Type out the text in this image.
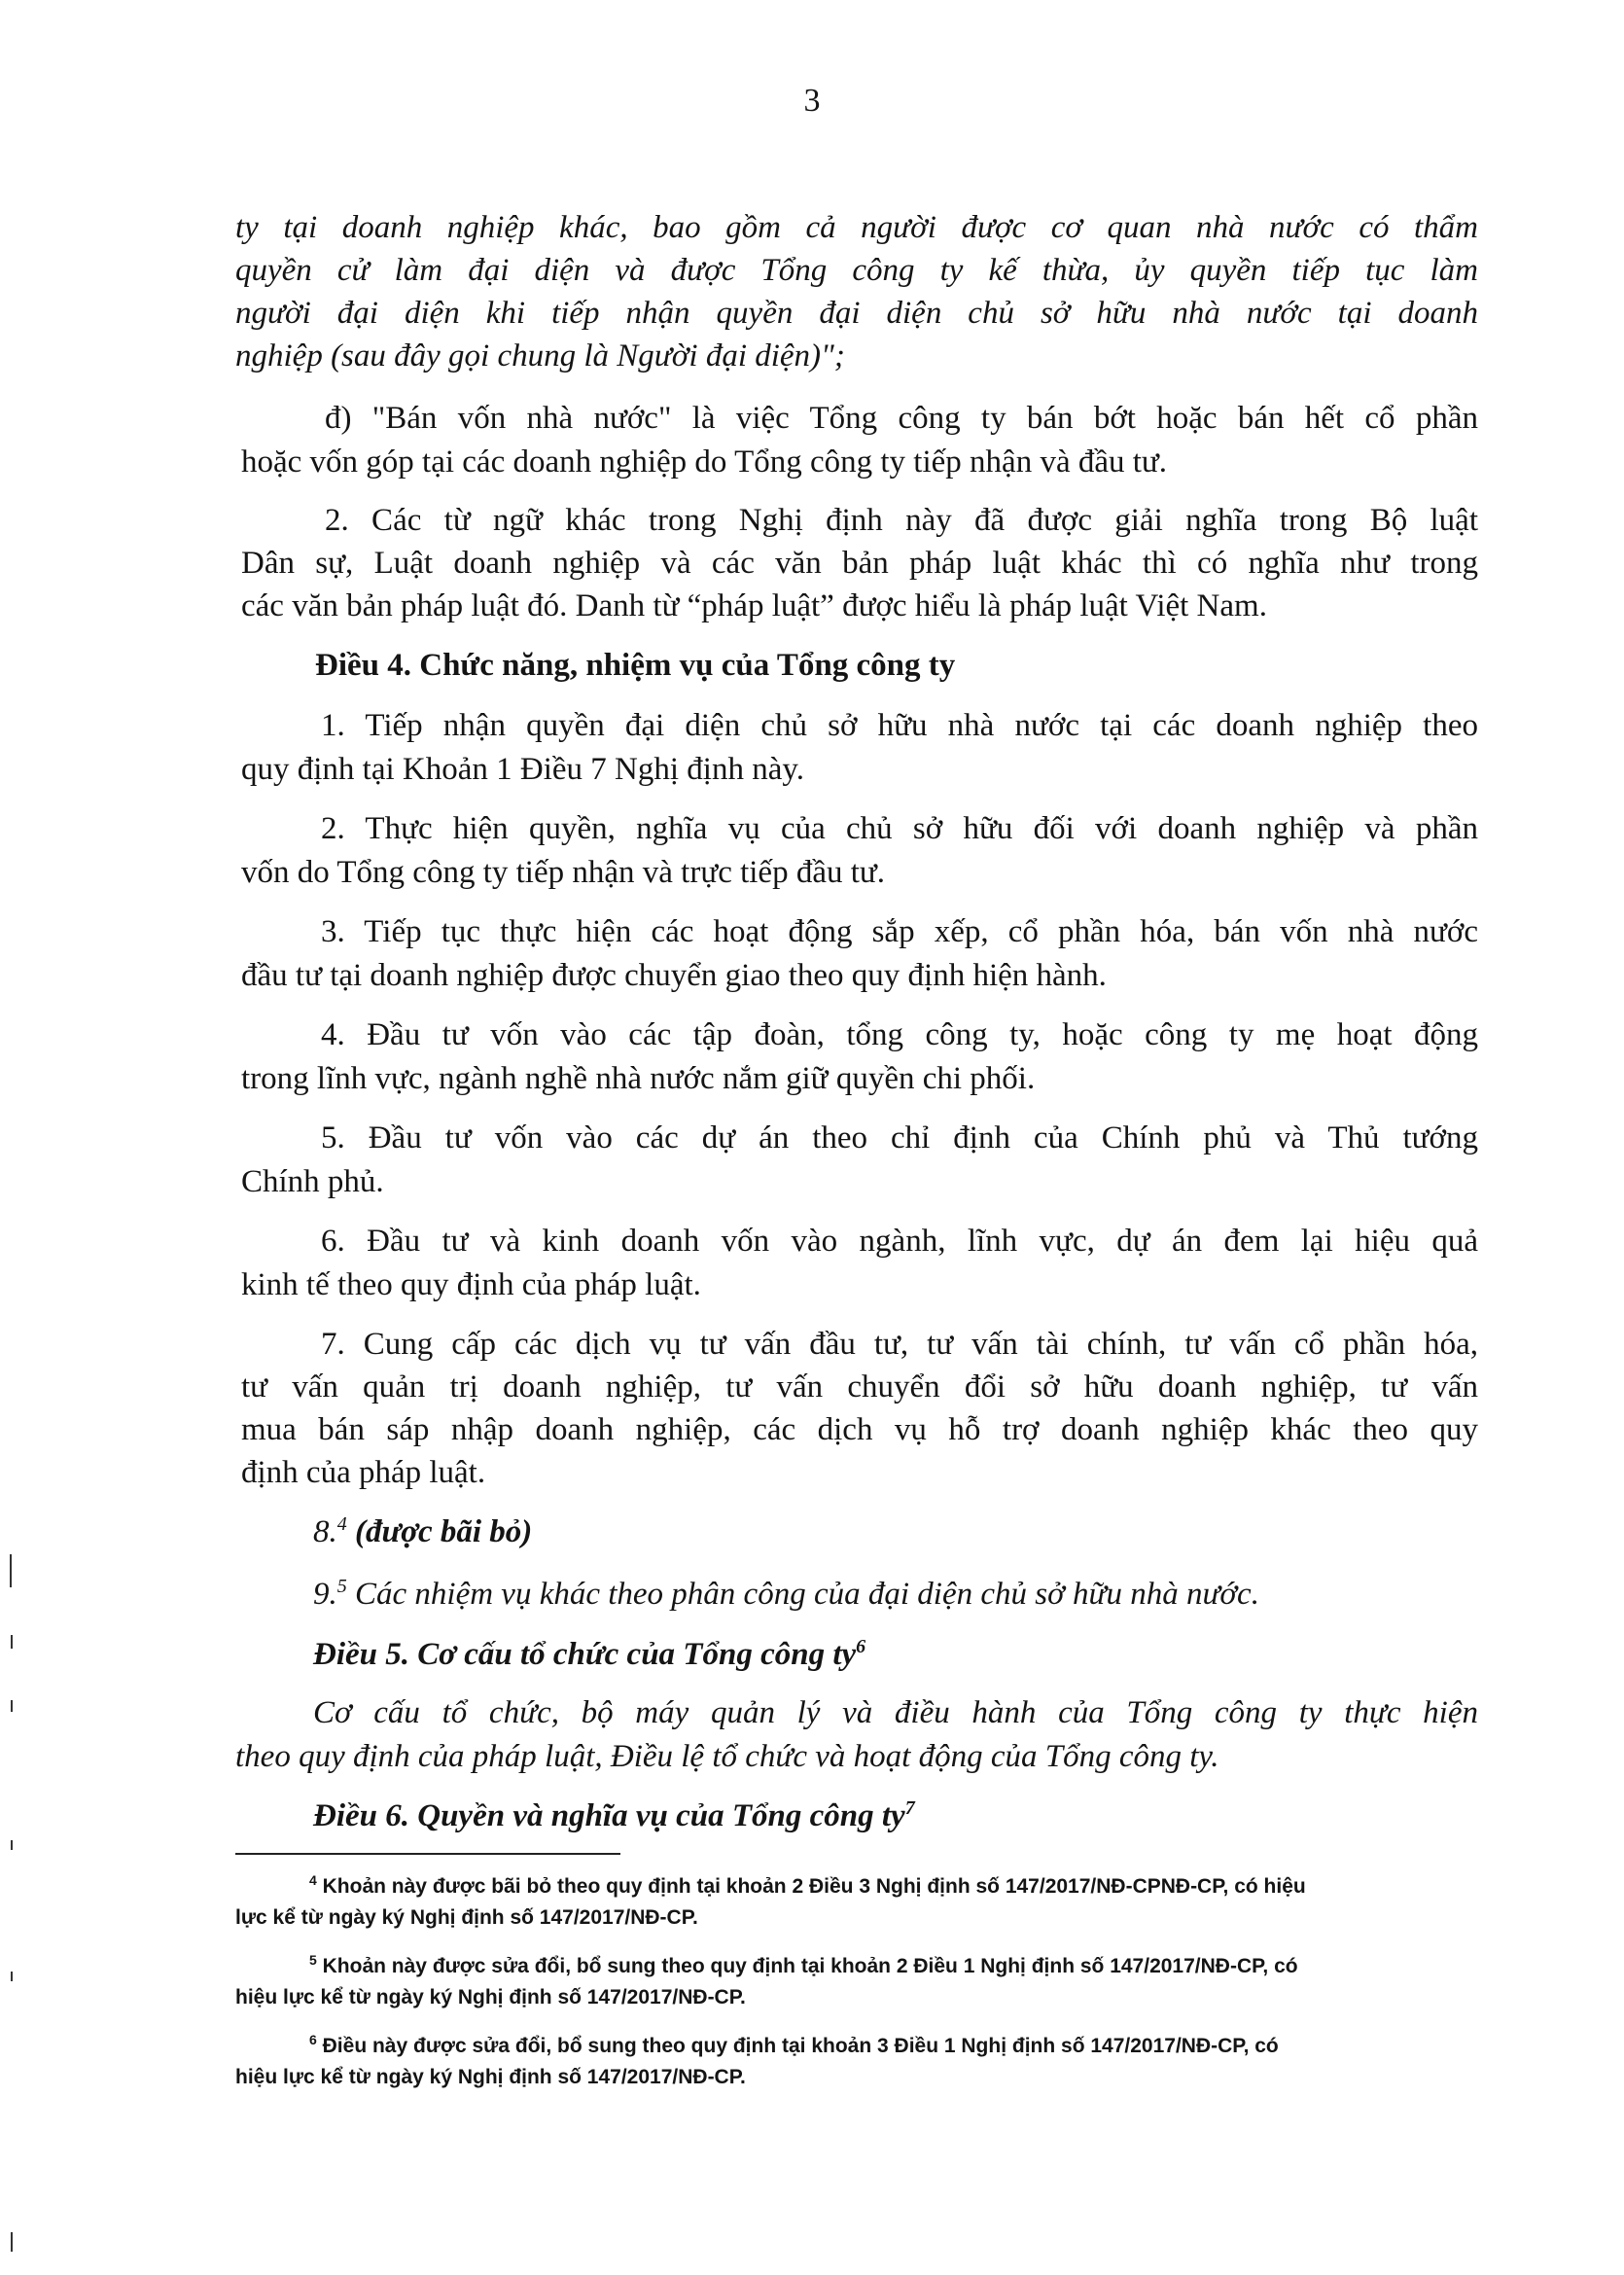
3
ty tại doanh nghiệp khác, bao gồm cả người được cơ quan nhà nước có thẩm
quyền cử làm đại diện và được Tổng công ty kế thừa, ủy quyền tiếp tục làm
người đại diện khi tiếp nhận quyền đại diện chủ sở hữu nhà nước tại doanh
nghiệp (sau đây gọi chung là Người đại diện)";
đ) "Bán vốn nhà nước" là việc Tổng công ty bán bớt hoặc bán hết cổ phần
hoặc vốn góp tại các doanh nghiệp do Tổng công ty tiếp nhận và đầu tư.
2. Các từ ngữ khác trong Nghị định này đã được giải nghĩa trong Bộ luật
Dân sự, Luật doanh nghiệp và các văn bản pháp luật khác thì có nghĩa như trong
các văn bản pháp luật đó. Danh từ “pháp luật” được hiểu là pháp luật Việt Nam.
Điều 4. Chức năng, nhiệm vụ của Tổng công ty
1. Tiếp nhận quyền đại diện chủ sở hữu nhà nước tại các doanh nghiệp theo
quy định tại Khoản 1 Điều 7 Nghị định này.
2. Thực hiện quyền, nghĩa vụ của chủ sở hữu đối với doanh nghiệp và phần
vốn do Tổng công ty tiếp nhận và trực tiếp đầu tư.
3. Tiếp tục thực hiện các hoạt động sắp xếp, cổ phần hóa, bán vốn nhà nước
đầu tư tại doanh nghiệp được chuyển giao theo quy định hiện hành.
4. Đầu tư vốn vào các tập đoàn, tổng công ty, hoặc công ty mẹ hoạt động
trong lĩnh vực, ngành nghề nhà nước nắm giữ quyền chi phối.
5. Đầu tư vốn vào các dự án theo chỉ định của Chính phủ và Thủ tướng
Chính phủ.
6. Đầu tư và kinh doanh vốn vào ngành, lĩnh vực, dự án đem lại hiệu quả
kinh tế theo quy định của pháp luật.
7. Cung cấp các dịch vụ tư vấn đầu tư, tư vấn tài chính, tư vấn cổ phần hóa,
tư vấn quản trị doanh nghiệp, tư vấn chuyển đổi sở hữu doanh nghiệp, tư vấn
mua bán sáp nhập doanh nghiệp, các dịch vụ hỗ trợ doanh nghiệp khác theo quy
định của pháp luật.
8.$^4$ (được bãi bỏ)
9.$^5$ Các nhiệm vụ khác theo phân công của đại diện chủ sở hữu nhà nước.
Điều 5. Cơ cấu tổ chức của Tổng công $ty^6$
Cơ cấu tổ chức, bộ máy quản lý và điều hành của Tổng công ty thực hiện
theo quy định của pháp luật, Điều lệ tổ chức và hoạt động của Tổng công ty.
Điều 6. Quyền và nghĩa vụ của Tổng công $ty^7$
$^4$ Khoản này được bãi bỏ theo quy định tại khoản 2 Điều 3 Nghị định số 147/2017/NĐ-CPNĐ-CP, có hiệu
lực kể từ ngày ký Nghị định số 147/2017/NĐ-CP.
$^5$ Khoản này được sửa đổi, bổ sung theo quy định tại khoản 2 Điều 1 Nghị định số 147/2017/NĐ-CP, có
hiệu lực kể từ ngày ký Nghị định số 147/2017/NĐ-CP.
$^6$ Điều này được sửa đổi, bổ sung theo quy định tại khoản 3 Điều 1 Nghị định số 147/2017/NĐ-CP, có
hiệu lực kể từ ngày ký Nghị định số 147/2017/NĐ-CP.
